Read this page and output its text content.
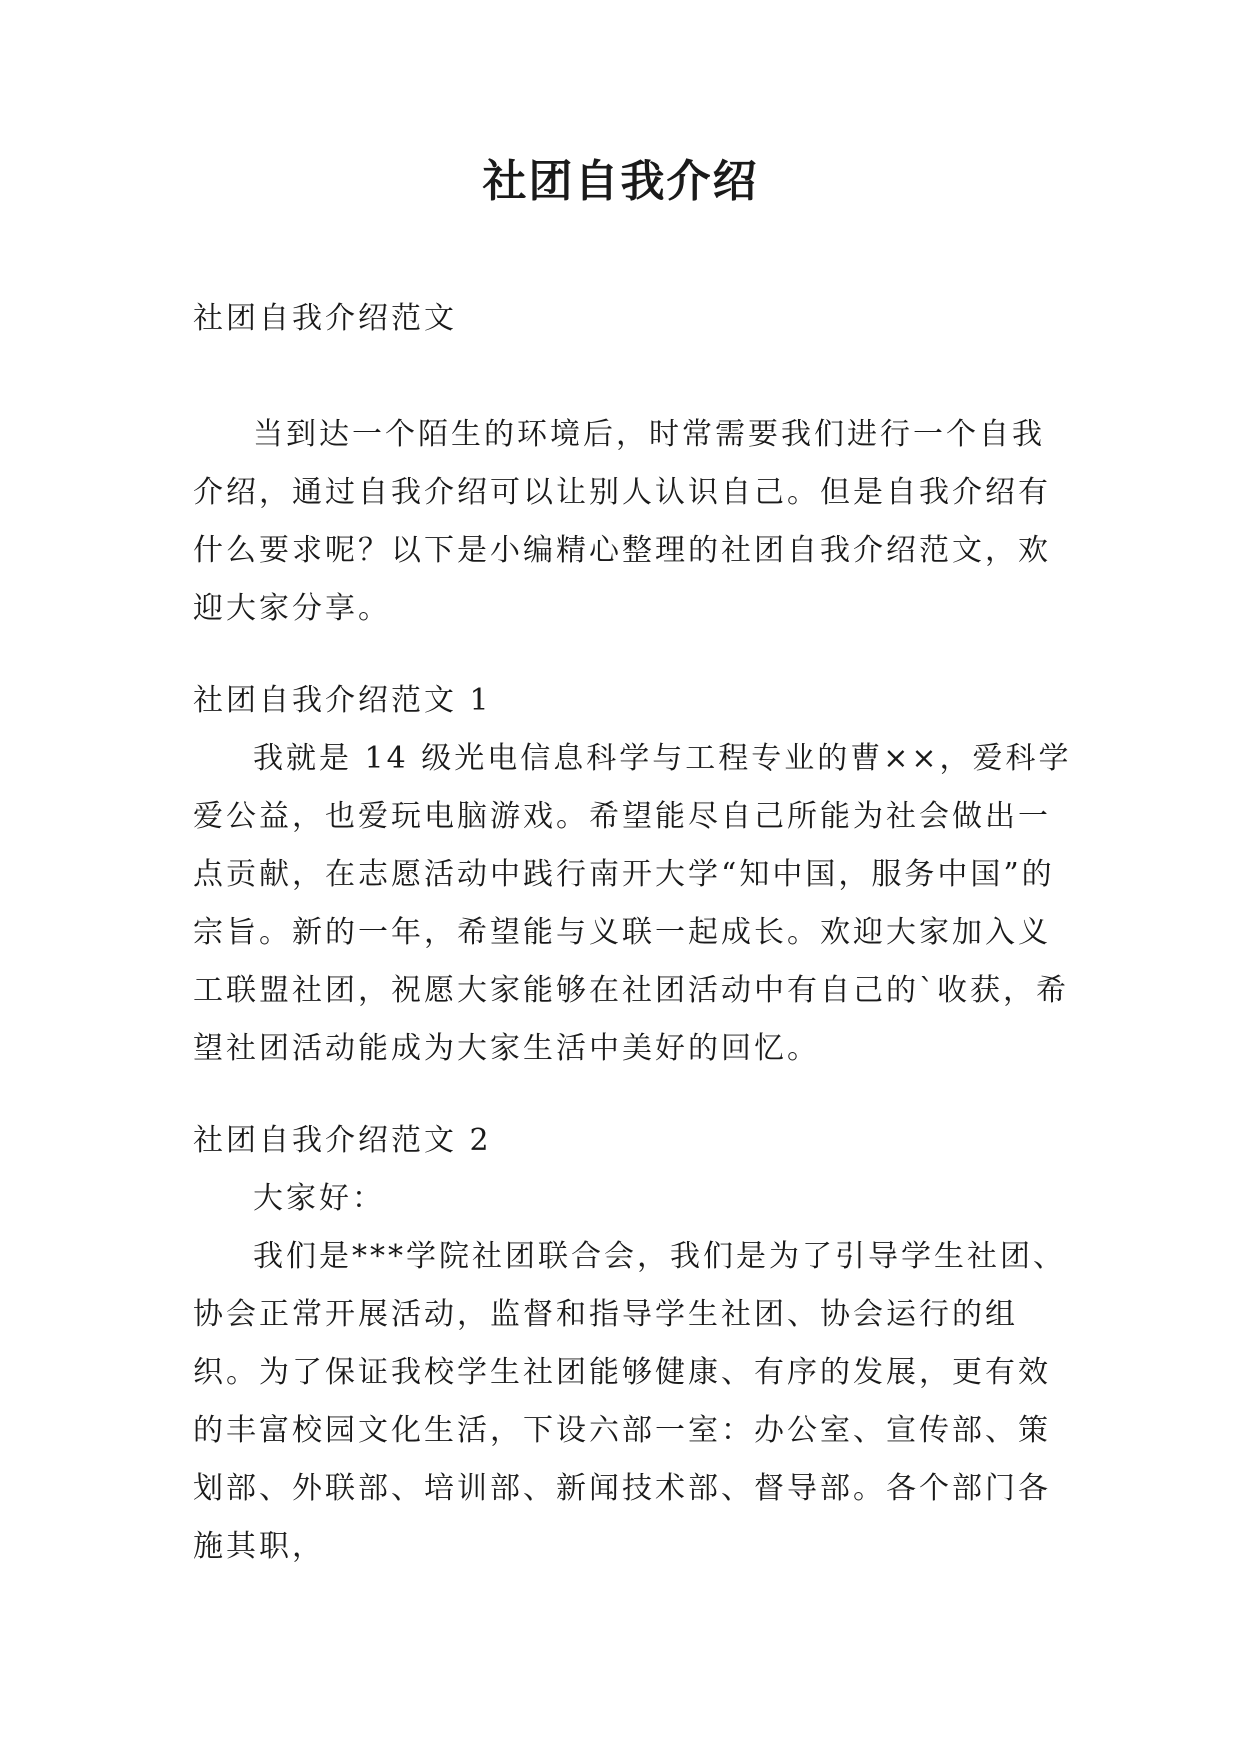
社团自我介绍

社团自我介绍范文

当到达一个陌生的环境后，时常需要我们进行一个自我介绍，通过自我介绍可以让别人认识自己。但是自我介绍有什么要求呢？以下是小编精心整理的社团自我介绍范文，欢迎大家分享。

社团自我介绍范文 1

我就是 14 级光电信息科学与工程专业的曹××，爱科学爱公益，也爱玩电脑游戏。希望能尽自己所能为社会做出一点贡献，在志愿活动中践行南开大学“知中国，服务中国”的宗旨。新的一年，希望能与义联一起成长。欢迎大家加入义工联盟社团，祝愿大家能够在社团活动中有自己的`收获，希望社团活动能成为大家生活中美好的回忆。

社团自我介绍范文 2

大家好：

我们是***学院社团联合会，我们是为了引导学生社团、协会正常开展活动，监督和指导学生社团、协会运行的组织。为了保证我校学生社团能够健康、有序的发展，更有效的丰富校园文化生活，下设六部一室：办公室、宣传部、策划部、外联部、培训部、新闻技术部、督导部。各个部门各施其职，
